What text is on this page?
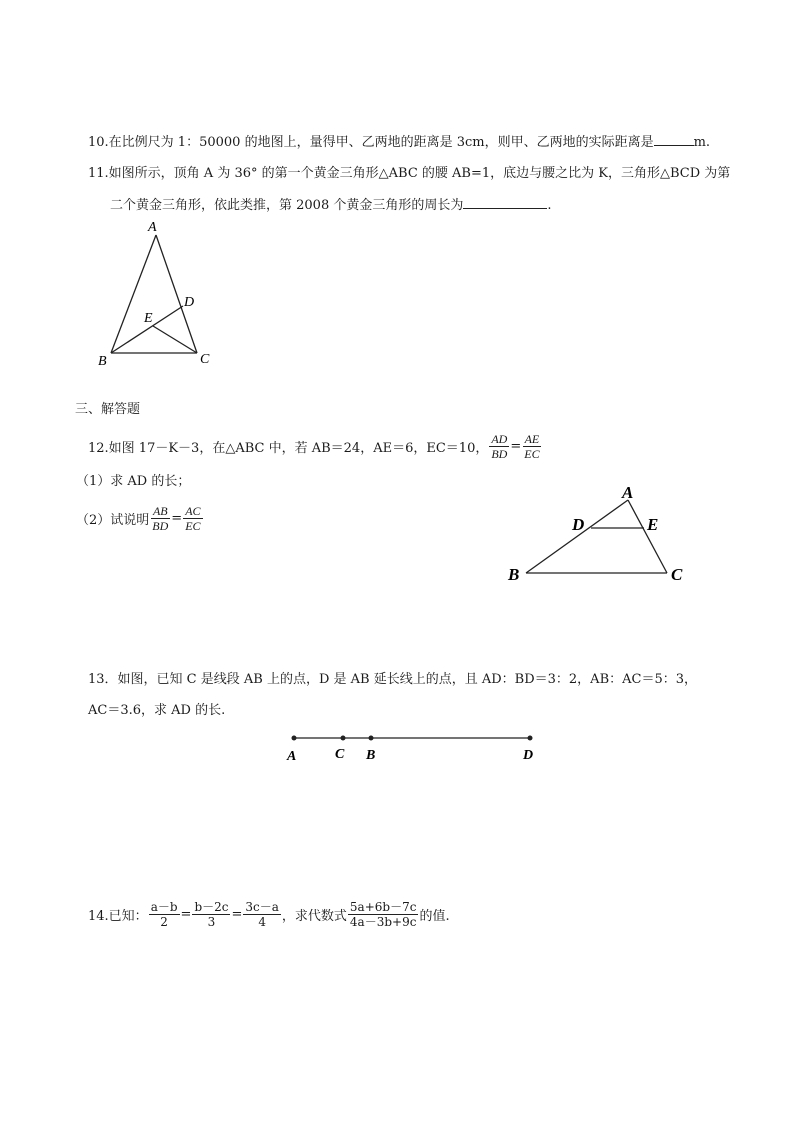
10.在比例尺为 1：50000 的地图上，量得甲、乙两地的距离是 3cm，则甲、乙两地的实际距离是	m.
11.如图所示，顶角 A 为 36° 的第一个黄金三角形△ABC 的腰 AB=1，底边与腰之比为 K，三角形△BCD 为第
二个黄金三角形，依此类推，第 2008 个黄金三角形的周长为	.
A
B	C
D
E
三、解答题
12.如图 17－K－3，在△ABC 中，若 AB＝24，AE＝6，EC＝10， $\frac{AD}{BD} = \frac{AE}{EC}$
（1）求 AD 的长；
（2）试说明 $\frac{AB}{BD} = \frac{AC}{EC}$
A
D	E
B	C
13．如图，已知 C 是线段 AB 上的点，D 是 AB 延长线上的点，且 AD：BD＝3：2，AB：AC＝5：3，
AC＝3.6，求 AD 的长.
A	C B	D
14.已知： $\frac{a-b}{2} = \frac{b-2c}{3} = \frac{3c-a}{4}$ ，求代数式 $\frac{5a+6b-7c}{4a-3b+9c}$ 的值.
